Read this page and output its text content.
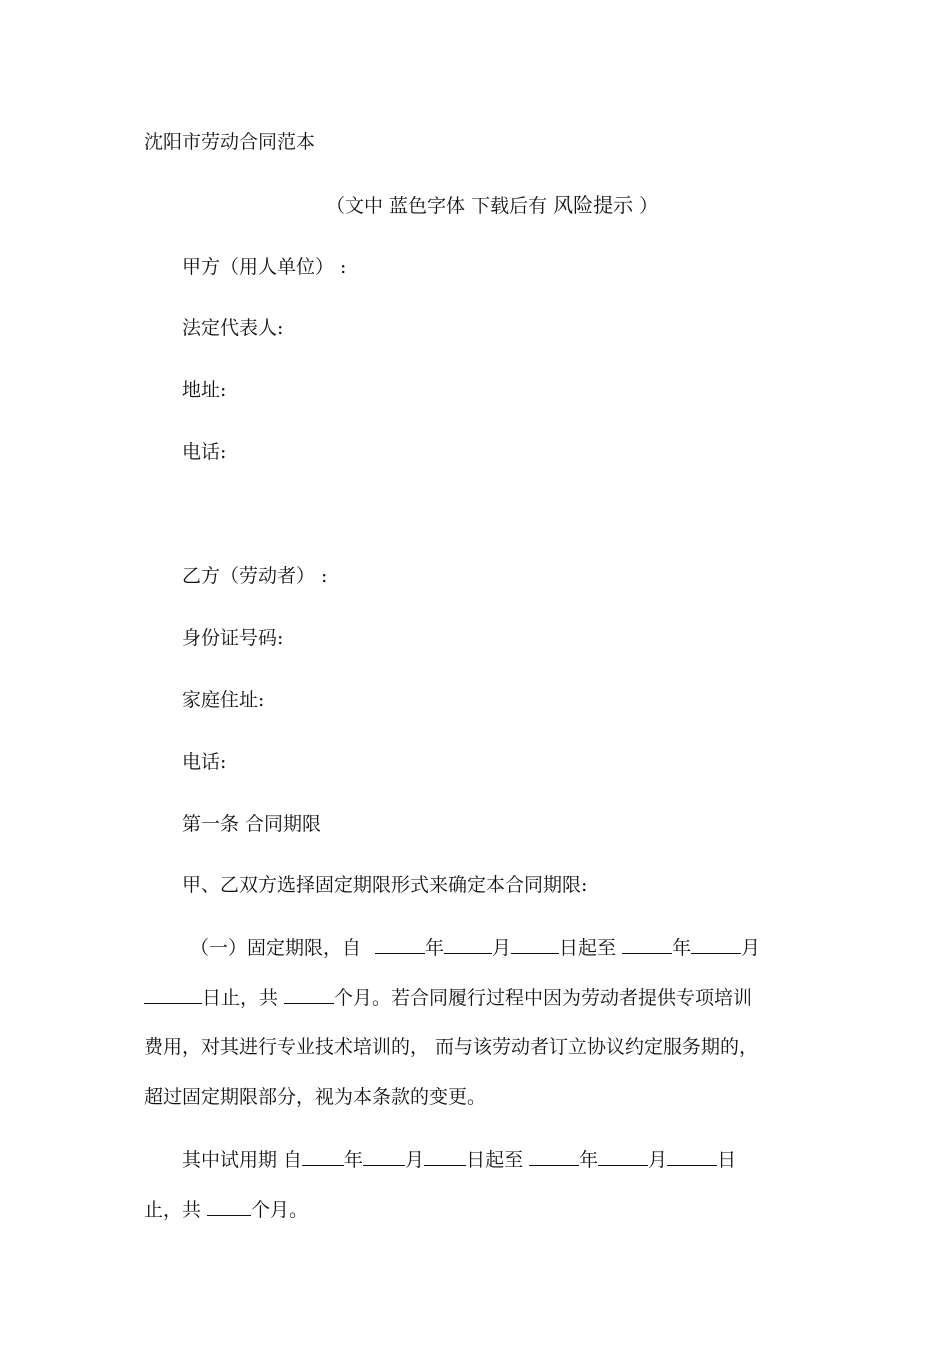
沈阳市劳动合同范本
（文中 蓝色字体 下载后有 风险提示 ）
甲方（用人单位） :
法定代表人:
地址:
电话:
乙方（劳动者） :
身份证号码:
家庭住址:
电话:
第一条 合同期限
甲、乙双方选择固定期限形式来确定本合同期限:
（一）固定期限，自	年	月	日起至	年	月
日止，共	个月。若合同履行过程中因为劳动者提供专项培训
费用，对其进行专业技术培训的， 而与该劳动者订立协议约定服务期的，
超过固定期限部分，视为本条款的变更。
其中试用期 自 年 月 日起至	年	月	日
止，共	个月。
